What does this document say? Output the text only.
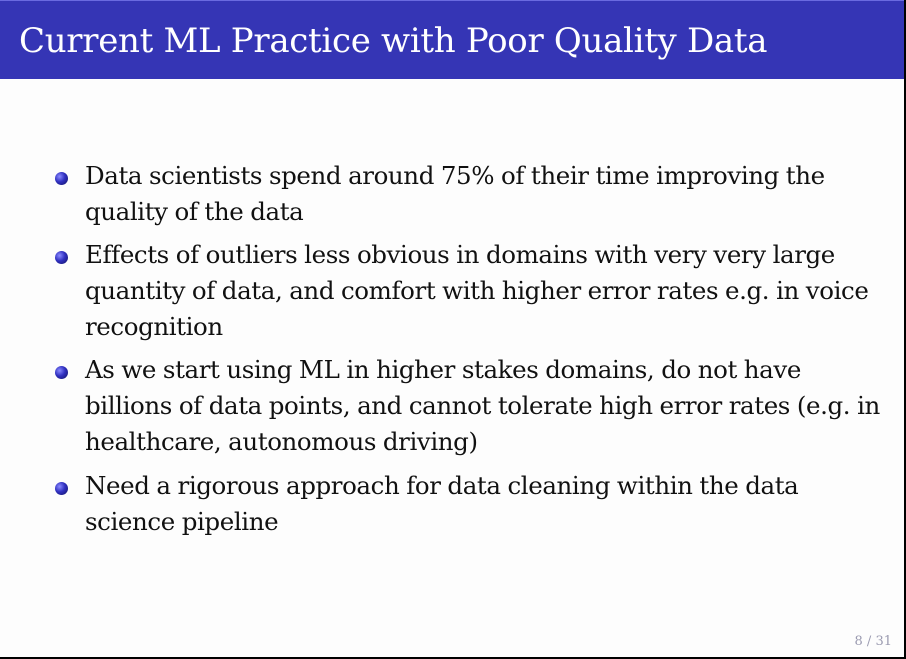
Current ML Practice with Poor Quality Data
Data scientists spend around 75% of their time improving the quality of the data
Effects of outliers less obvious in domains with very very large quantity of data, and comfort with higher error rates e.g. in voice recognition
As we start using ML in higher stakes domains, do not have billions of data points, and cannot tolerate high error rates (e.g. in healthcare, autonomous driving)
Need a rigorous approach for data cleaning within the data science pipeline
8 / 31
